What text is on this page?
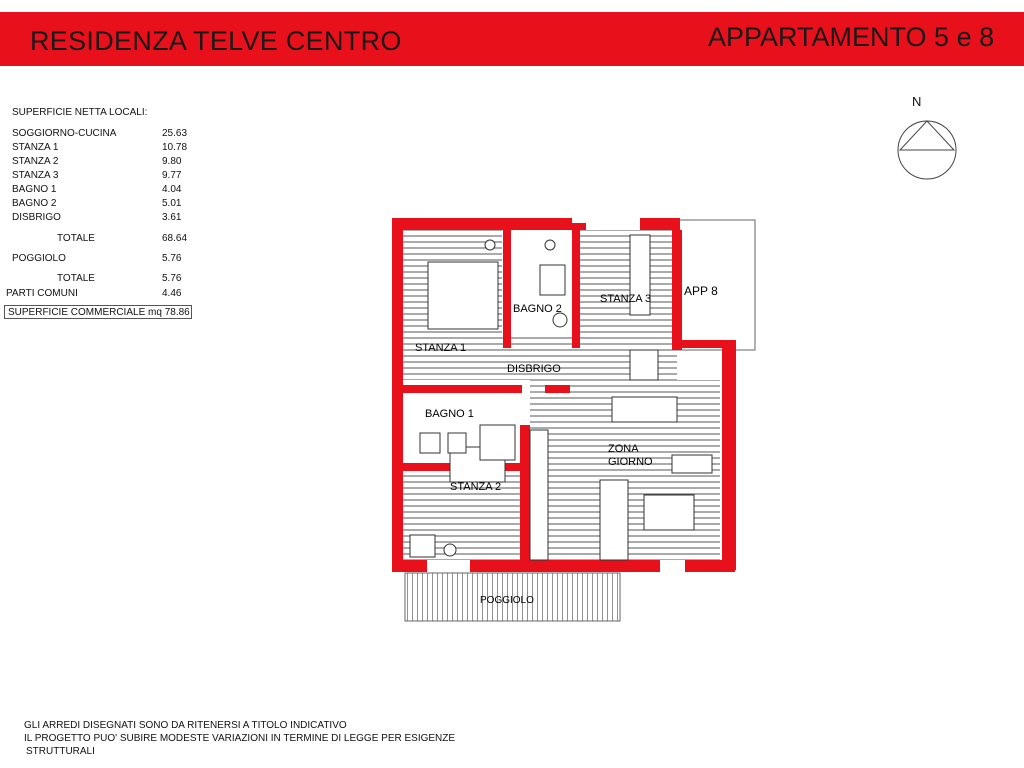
RESIDENZA TELVE CENTRO	APPARTAMENTO 5 e 8
SUPERFICIE NETTA LOCALI:
SOGGIORNO-CUCINA	25.63
STANZA 1	10.78
STANZA 2	9.80
STANZA 3	9.77
BAGNO 1	4.04
BAGNO 2	5.01
DISBRIGO	3.61
TOTALE	68.64
POGGIOLO	5.76
TOTALE	5.76
PARTI COMUNI	4.46
SUPERFICIE COMMERCIALE mq 78.86
N
STANZA 1
STANZA 2
STANZA 3
BAGNO 1
BAGNO 2
DISBRIGO
ZONA
GIORNO
APP 8
POGGIOLO
GLI ARREDI DISEGNATI SONO DA RITENERSI A TITOLO INDICATIVO
IL PROGETTO PUO' SUBIRE MODESTE VARIAZIONI IN TERMINE DI LEGGE PER ESIGENZE
STRUTTURALI
